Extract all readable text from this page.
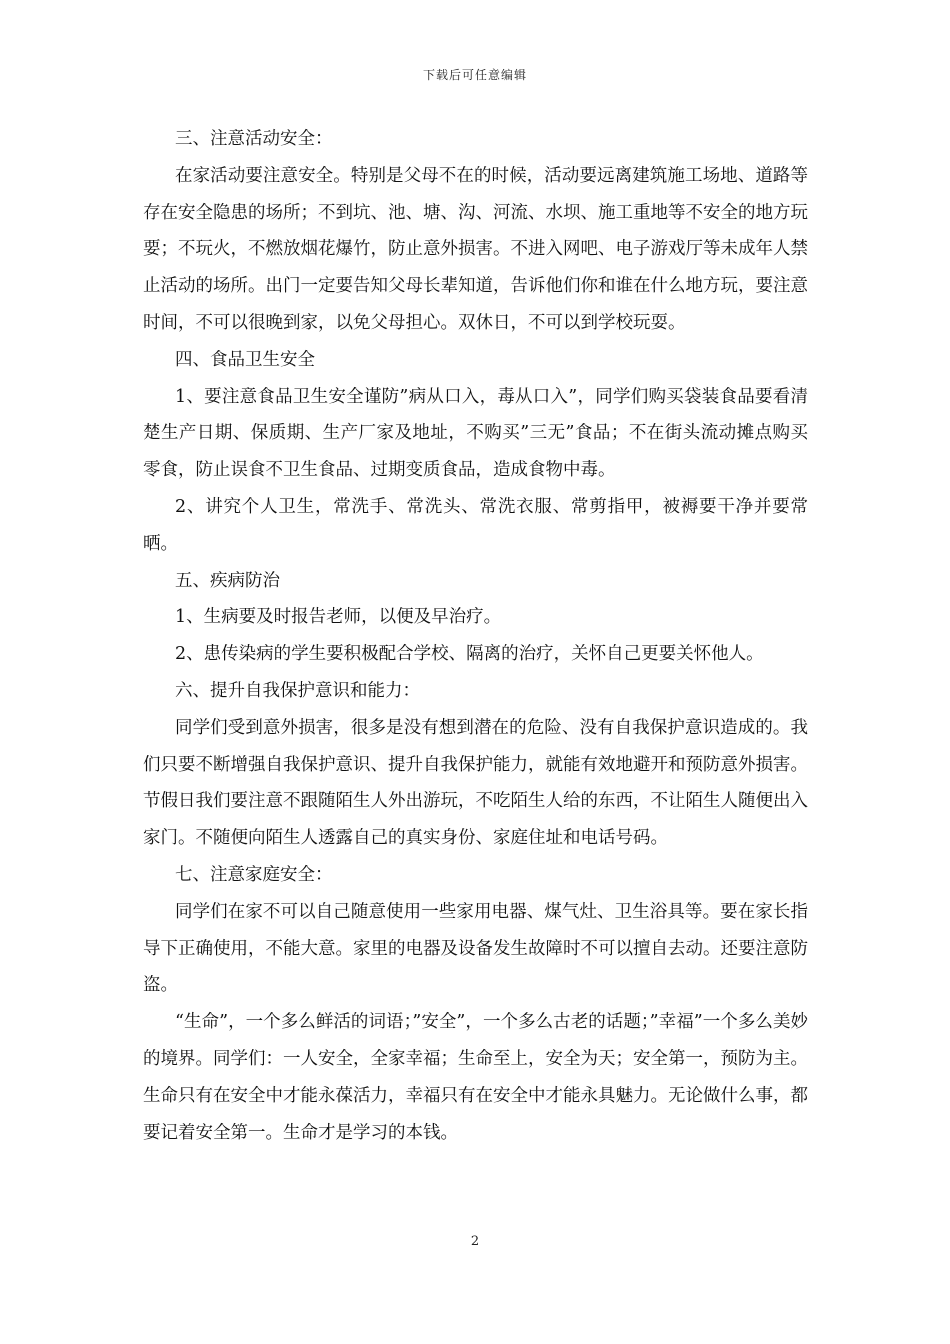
下载后可任意编辑

三、注意活动安全：

在家活动要注意安全。特别是父母不在的时候，活动要远离建筑施工场地、道路等存在安全隐患的场所；不到坑、池、塘、沟、河流、水坝、施工重地等不安全的地方玩要；不玩火，不燃放烟花爆竹，防止意外损害。不进入网吧、电子游戏厅等未成年人禁止活动的场所。出门一定要告知父母长辈知道，告诉他们你和谁在什么地方玩，要注意时间，不可以很晚到家，以免父母担心。双休日，不可以到学校玩耍。

四、食品卫生安全

1、要注意食品卫生安全谨防”病从口入，毒从口入”，同学们购买袋装食品要看清楚生产日期、保质期、生产厂家及地址，不购买”三无”食品；不在街头流动摊点购买零食，防止误食不卫生食品、过期变质食品，造成食物中毒。

2、讲究个人卫生，常洗手、常洗头、常洗衣服、常剪指甲，被褥要干净并要常晒。

五、疾病防治

1、生病要及时报告老师，以便及早治疗。

2、患传染病的学生要积极配合学校、隔离的治疗，关怀自己更要关怀他人。

六、提升自我保护意识和能力：

同学们受到意外损害，很多是没有想到潜在的危险、没有自我保护意识造成的。我们只要不断增强自我保护意识、提升自我保护能力，就能有效地避开和预防意外损害。节假日我们要注意不跟随陌生人外出游玩，不吃陌生人给的东西，不让陌生人随便出入家门。不随便向陌生人透露自己的真实身份、家庭住址和电话号码。

七、注意家庭安全：

同学们在家不可以自己随意使用一些家用电器、煤气灶、卫生浴具等。要在家长指导下正确使用，不能大意。家里的电器及设备发生故障时不可以擅自去动。还要注意防盗。

“生命”，一个多么鲜活的词语；”安全”，一个多么古老的话题；”幸福”一个多么美妙的境界。同学们：一人安全，全家幸福；生命至上，安全为天；安全第一，预防为主。生命只有在安全中才能永葆活力，幸福只有在安全中才能永具魅力。无论做什么事，都要记着安全第一。生命才是学习的本钱。

2
